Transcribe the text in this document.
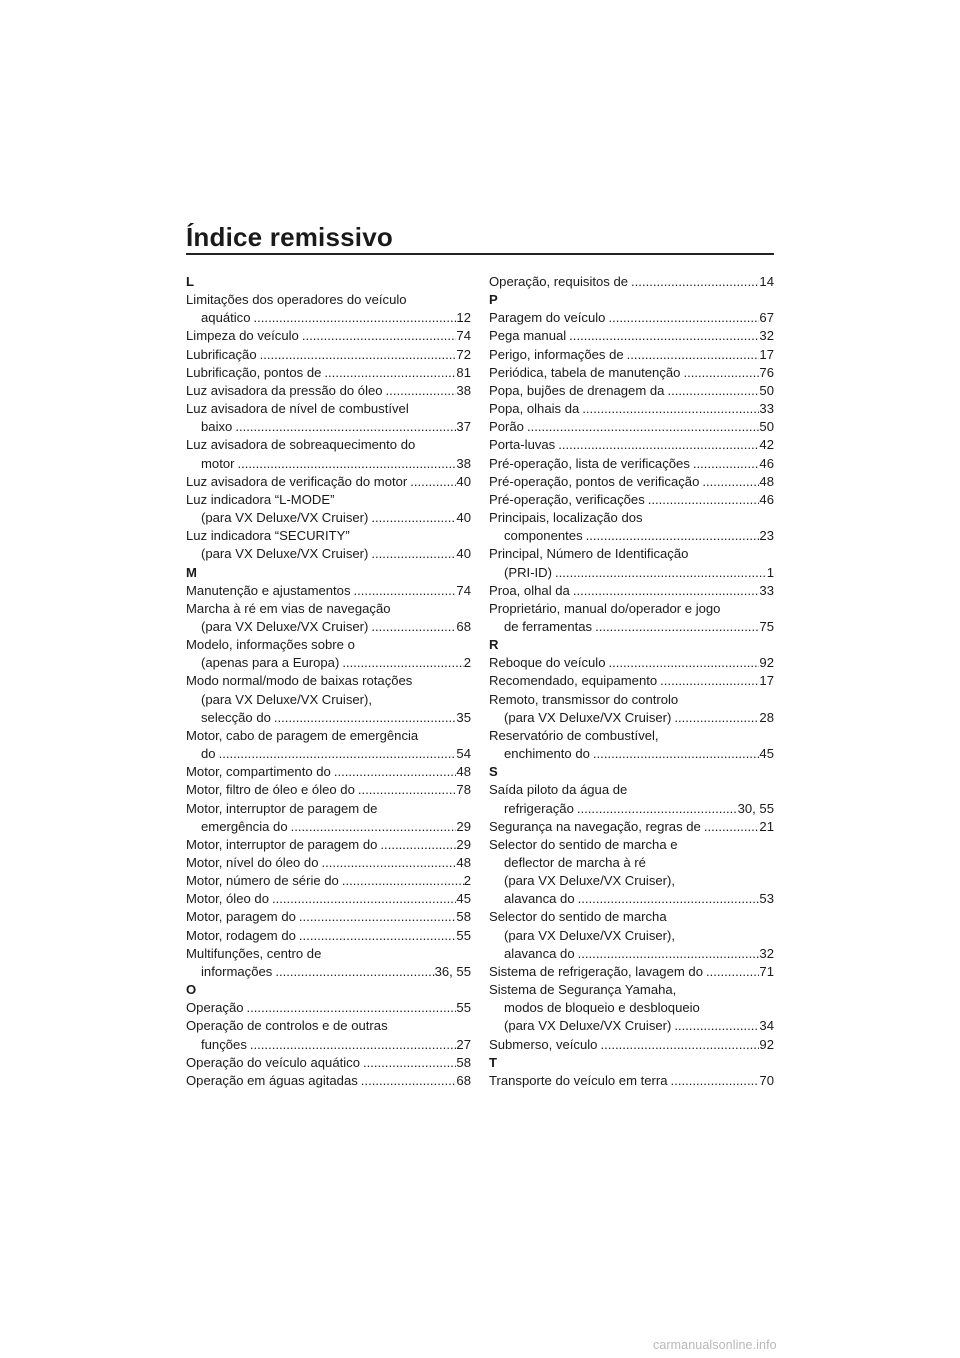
Índice remissivo
L
Limitações dos operadores do veículo
aquático .....	12
Limpeza do veículo .....	74
Lubrificação .....	72
Lubrificação, pontos de .....	81
Luz avisadora da pressão do óleo .....	38
Luz avisadora de nível de combustível
baixo .....	37
Luz avisadora de sobreaquecimento do
motor .....	38
Luz avisadora de verificação do motor .....	40
Luz indicadora “L-MODE”
(para VX Deluxe/VX Cruiser) .....	40
Luz indicadora “SECURITY”
(para VX Deluxe/VX Cruiser) .....	40
M
Manutenção e ajustamentos .....	74
Marcha à ré em vias de navegação
(para VX Deluxe/VX Cruiser) .....	68
Modelo, informações sobre o
(apenas para a Europa) .....	2
Modo normal/modo de baixas rotações
(para VX Deluxe/VX Cruiser),
selecção do .....	35
Motor, cabo de paragem de emergência
do .....	54
Motor, compartimento do .....	48
Motor, filtro de óleo e óleo do .....	78
Motor, interruptor de paragem de
emergência do .....	29
Motor, interruptor de paragem do .....	29
Motor, nível do óleo do .....	48
Motor, número de série do .....	2
Motor, óleo do .....	45
Motor, paragem do .....	58
Motor, rodagem do .....	55
Multifunções, centro de
informações .....	36, 55
O
Operação .....	55
Operação de controlos e de outras
funções .....	27
Operação do veículo aquático .....	58
Operação em águas agitadas .....	68
Operação, requisitos de .....	14
P
Paragem do veículo .....	67
Pega manual .....	32
Perigo, informações de .....	17
Periódica, tabela de manutenção .....	76
Popa, bujões de drenagem da .....	50
Popa, olhais da .....	33
Porão .....	50
Porta-luvas .....	42
Pré-operação, lista de verificações .....	46
Pré-operação, pontos de verificação .....	48
Pré-operação, verificações .....	46
Principais, localização dos
componentes .....	23
Principal, Número de Identificação
(PRI-ID) .....	1
Proa, olhal da .....	33
Proprietário, manual do/operador e jogo
de ferramentas .....	75
R
Reboque do veículo .....	92
Recomendado, equipamento .....	17
Remoto, transmissor do controlo
(para VX Deluxe/VX Cruiser) .....	28
Reservatório de combustível,
enchimento do .....	45
S
Saída piloto da água de
refrigeração .....	30, 55
Segurança na navegação, regras de .....	21
Selector do sentido de marcha e
deflector de marcha à ré
(para VX Deluxe/VX Cruiser),
alavanca do .....	53
Selector do sentido de marcha
(para VX Deluxe/VX Cruiser),
alavanca do .....	32
Sistema de refrigeração, lavagem do .....	71
Sistema de Segurança Yamaha,
modos de bloqueio e desbloqueio
(para VX Deluxe/VX Cruiser) .....	34
Submerso, veículo .....	92
T
Transporte do veículo em terra .....	70
carmanualsonline.info
